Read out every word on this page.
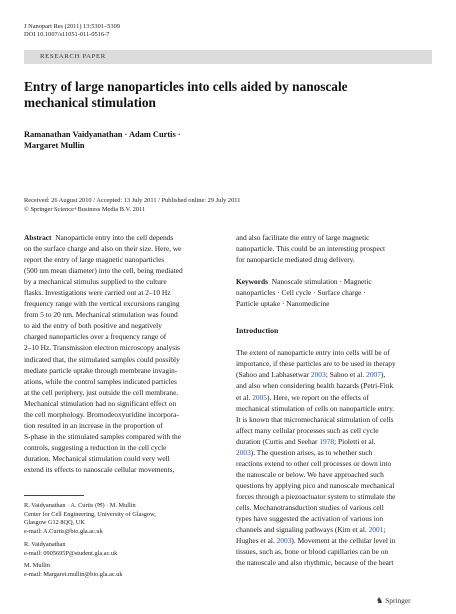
J Nanopart Res (2011) 13:5301–5309
DOI 10.1007/s11051-011-0516-7
RESEARCH PAPER
Entry of large nanoparticles into cells aided by nanoscale
mechanical stimulation
Ramanathan Vaidyanathan · Adam Curtis ·
Margaret Mullin
Received: 26 August 2010 / Accepted: 13 July 2011 / Published online: 29 July 2011
© Springer Science+Business Media B.V. 2011
Abstract  Nanoparticle entry into the cell depends
on the surface charge and also on their size. Here, we
report the entry of large magnetic nanoparticles
(500 nm mean diameter) into the cell, being mediated
by a mechanical stimulus supplied to the culture
flasks. Investigations were carried out at 2–10 Hz
frequency range with the vertical excursions ranging
from 5 to 20 nm. Mechanical stimulation was found
to aid the entry of both positive and negatively
charged nanoparticles over a frequency range of
2–10 Hz. Transmission electron microscopy analysis
indicated that, the stimulated samples could possibly
mediate particle uptake through membrane invagin-
ations, while the control samples indicated particles
at the cell periphery, just outside the cell membrane.
Mechanical stimulation had no significant effect on
the cell morphology. Bromodeoxyuridine incorpora-
tion resulted in an increase in the proportion of
S-phase in the stimulated samples compared with the
controls, suggesting a reduction in the cell cycle
duration. Mechanical stimulation could very well
extend its effects to nanoscale cellular movements,
and also facilitate the entry of large magnetic
nanoparticle. This could be an interesting prospect
for nanoparticle mediated drug delivery.
Keywords  Nanoscale stimulation · Magnetic
nanoparticles · Cell cycle · Surface charge ·
Particle uptake · Nanomedicine
Introduction
The extent of nanoparticle entry into cells will be of
importance, if these particles are to be used in therapy
(Sahoo and Labhasetwar 2003; Sahoo et al. 2007),
and also when considering health hazards (Petri-Fink
et al. 2005). Here, we report on the effects of
mechanical stimulation of cells on nanoparticle entry.
It is known that micromechanical stimulation of cells
affect many cellular processes such as cell cycle
duration (Curtis and Seehar 1978; Pioletti et al.
2003). The question arises, as to whether such
reactions extend to other cell processes or down into
the nanoscale or below. We have approached such
questions by applying pico and nanoscale mechanical
forces through a piezoactuator system to stimulate the
cells. Mechanotransduction studies of various cell
types have suggested the activation of various ion
channels and signaling pathways (Kim et al. 2001;
Hughes et al. 2003). Movement at the cellular level in
tissues, such as, bone or blood capillaries can be on
the nanoscale and also rhythmic, because of the heart
R. Vaidyanathan · A. Curtis (✉) · M. Mullin
Center for Cell Engineering, University of Glasgow,
Glasgow G12 8QQ, UK
e-mail: A.Curtis@bio.gla.ac.uk
R. Vaidyanathan
e-mail: 0905695P@student.gla.ac.uk
M. Mullin
e-mail: Margaret.mullin@bio.gla.ac.uk
♞ Springer
